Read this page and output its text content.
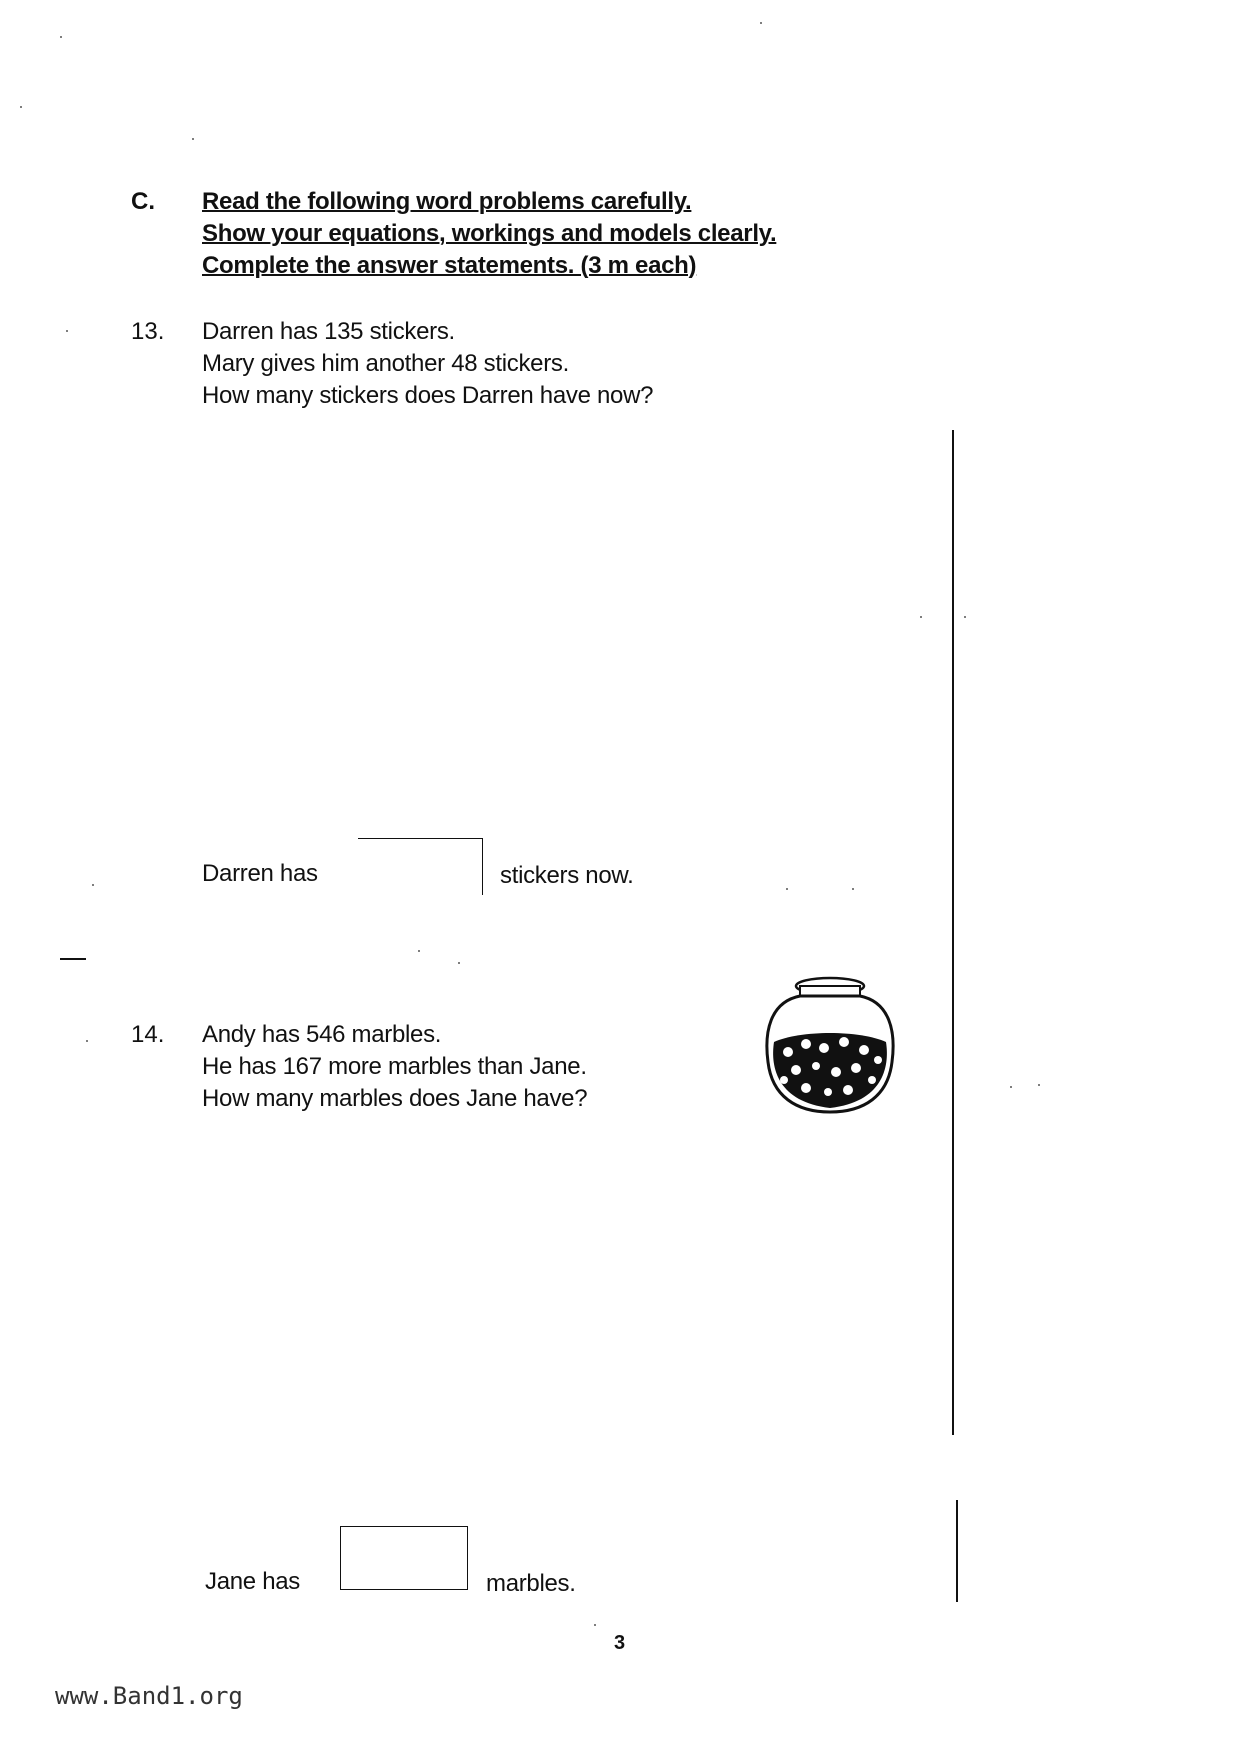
C. Read the following word problems carefully.
Show your equations, workings and models clearly.
Complete the answer statements. (3 m each)
13. Darren has 135 stickers.
Mary gives him another 48 stickers.
How many stickers does Darren have now?
Darren has	stickers now.
14. Andy has 546 marbles.
He has 167 more marbles than Jane.
How many marbles does Jane have?
Jane has	marbles.
3
www.Band1.org
